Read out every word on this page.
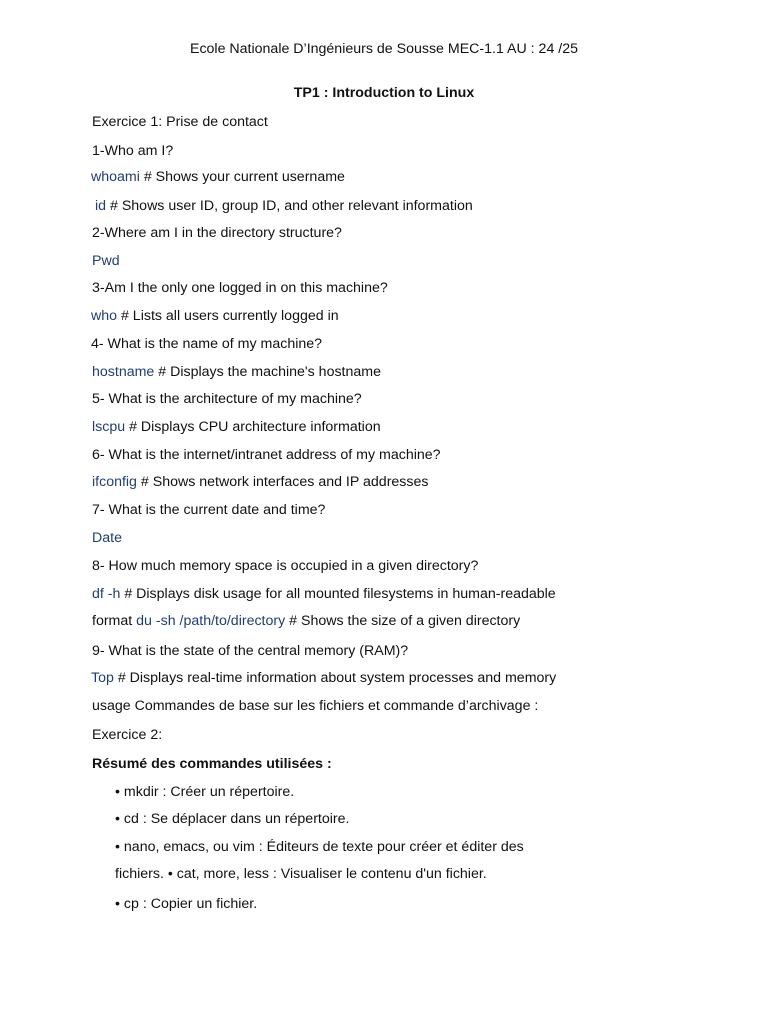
Ecole Nationale D’Ingénieurs de Sousse MEC-1.1 AU : 24 /25
TP1 : Introduction to Linux
Exercice 1: Prise de contact
1-Who am I?
whoami # Shows your current username
id # Shows user ID, group ID, and other relevant information
2-Where am I in the directory structure?
Pwd
3-Am I the only one logged in on this machine?
who # Lists all users currently logged in
4- What is the name of my machine?
hostname # Displays the machine's hostname
5- What is the architecture of my machine?
lscpu # Displays CPU architecture information
6- What is the internet/intranet address of my machine?
ifconfig # Shows network interfaces and IP addresses
7- What is the current date and time?
Date
8- How much memory space is occupied in a given directory?
df -h # Displays disk usage for all mounted filesystems in human-readable
format du -sh /path/to/directory # Shows the size of a given directory
9- What is the state of the central memory (RAM)?
Top # Displays real-time information about system processes and memory
usage Commandes de base sur les fichiers et commande d’archivage :
Exercice 2:
Résumé des commandes utilisées :
• mkdir : Créer un répertoire.
• cd : Se déplacer dans un répertoire.
• nano, emacs, ou vim : Éditeurs de texte pour créer et éditer des
fichiers. • cat, more, less : Visualiser le contenu d'un fichier.
• cp : Copier un fichier.
